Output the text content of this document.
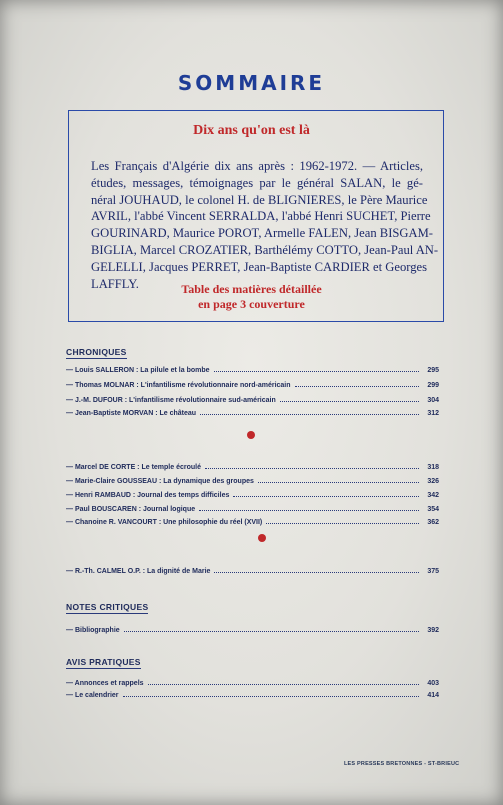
SOMMAIRE
Dix ans qu'on est là
Les Français d'Algérie dix ans après : 1962-1972. — Articles,
études, messages, témoignages par le général SALAN, le gé-
néral JOUHAUD, le colonel H. de BLIGNIERES, le Père Maurice
AVRIL, l'abbé Vincent SERRALDA, l'abbé Henri SUCHET, Pierre
GOURINARD, Maurice POROT, Armelle FALEN, Jean BISGAM-
BIGLIA, Marcel CROZATIER, Barthélémy COTTO, Jean-Paul AN-
GELELLI, Jacques PERRET, Jean-Baptiste CARDIER et Georges
LAFFLY.	Table des matières détaillée
en page 3 couverture
CHRONIQUES
— Louis SALLERON : La pilule et la bombe	295
— Thomas MOLNAR : L'infantilisme révolutionnaire nord-américain	299
— J.-M. DUFOUR : L'infantilisme révolutionnaire sud-américain	304
— Jean-Baptiste MORVAN : Le château	312
— Marcel DE CORTE : Le temple écroulé	318
— Marie-Claire GOUSSEAU : La dynamique des groupes	326
— Henri RAMBAUD : Journal des temps difficiles	342
— Paul BOUSCAREN : Journal logique	354
— Chanoine R. VANCOURT : Une philosophie du réel (XVII)	362
— R.-Th. CALMEL O.P. : La dignité de Marie	375
NOTES CRITIQUES
— Bibliographie	392
AVIS PRATIQUES
— Annonces et rappels	403
— Le calendrier	414
LES PRESSES BRETONNES - ST-BRIEUC
